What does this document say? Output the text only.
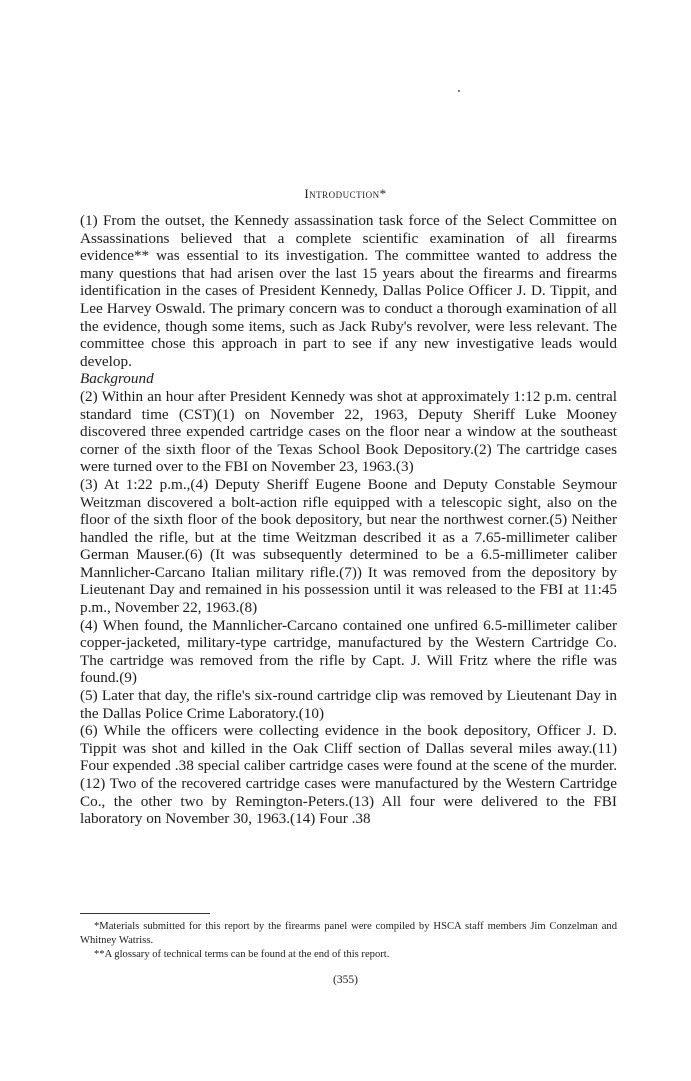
Introduction*

(1) From the outset, the Kennedy assassination task force of the Select Committee on Assassinations believed that a complete scientific examination of all firearms evidence** was essential to its investigation. The committee wanted to address the many questions that had arisen over the last 15 years about the firearms and firearms identification in the cases of President Kennedy, Dallas Police Officer J. D. Tippit, and Lee Harvey Oswald. The primary concern was to conduct a thorough examination of all the evidence, though some items, such as Jack Ruby's revolver, were less relevant. The committee chose this approach in part to see if any new investigative leads would develop.

Background

(2) Within an hour after President Kennedy was shot at approximately 1:12 p.m. central standard time (CST)(1) on November 22, 1963, Deputy Sheriff Luke Mooney discovered three expended cartridge cases on the floor near a window at the southeast corner of the sixth floor of the Texas School Book Depository.(2) The cartridge cases were turned over to the FBI on November 23, 1963.(3)

(3) At 1:22 p.m.,(4) Deputy Sheriff Eugene Boone and Deputy Constable Seymour Weitzman discovered a bolt-action rifle equipped with a telescopic sight, also on the floor of the sixth floor of the book depository, but near the northwest corner.(5) Neither handled the rifle, but at the time Weitzman described it as a 7.65-millimeter caliber German Mauser.(6) (It was subsequently determined to be a 6.5-millimeter caliber Mannlicher-Carcano Italian military rifle.(7)) It was removed from the depository by Lieutenant Day and remained in his possession until it was released to the FBI at 11:45 p.m., November 22, 1963.(8)

(4) When found, the Mannlicher-Carcano contained one unfired 6.5-millimeter caliber copper-jacketed, military-type cartridge, manufactured by the Western Cartridge Co. The cartridge was removed from the rifle by Capt. J. Will Fritz where the rifle was found.(9)

(5) Later that day, the rifle's six-round cartridge clip was removed by Lieutenant Day in the Dallas Police Crime Laboratory.(10)

(6) While the officers were collecting evidence in the book depository, Officer J. D. Tippit was shot and killed in the Oak Cliff section of Dallas several miles away.(11) Four expended .38 special caliber cartridge cases were found at the scene of the murder.(12) Two of the recovered cartridge cases were manufactured by the Western Cartridge Co., the other two by Remington-Peters.(13) All four were delivered to the FBI laboratory on November 30, 1963.(14) Four .38

*Materials submitted for this report by the firearms panel were compiled by HSCA staff members Jim Conzelman and Whitney Watriss.

**A glossary of technical terms can be found at the end of this report.

(355)
